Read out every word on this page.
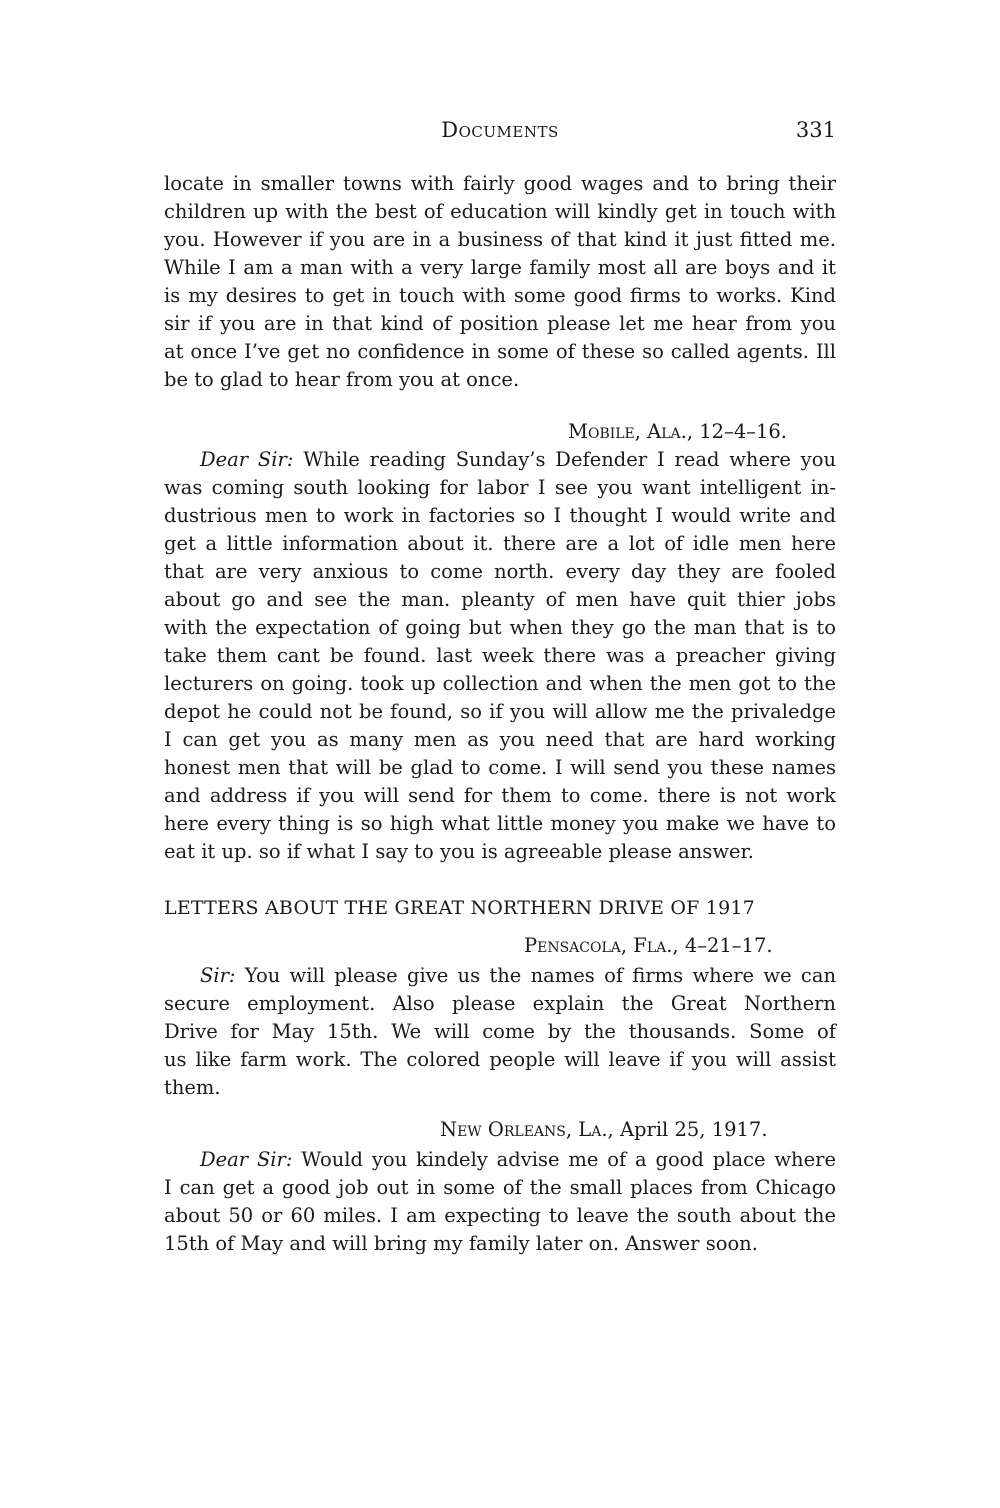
Documents	331
locate in smaller towns with fairly good wages and to bring their
children up with the best of education will kindly get in touch with
you. However if you are in a business of that kind it just fitted me.
While I am a man with a very large family most all are boys and it
is my desires to get in touch with some good firms to works. Kind
sir if you are in that kind of position please let me hear from you
at once I’ve get no confidence in some of these so called agents. Ill
be to glad to hear from you at once.
Mobile, Ala., 12–4–16.
Dear Sir: While reading Sunday’s Defender I read where you
was coming south looking for labor I see you want intelligent in-
dustrious men to work in factories so I thought I would write and
get a little information about it. there are a lot of idle men here
that are very anxious to come north. every day they are fooled
about go and see the man. pleanty of men have quit thier jobs
with the expectation of going but when they go the man that is to
take them cant be found. last week there was a preacher giving
lecturers on going. took up collection and when the men got to the
depot he could not be found, so if you will allow me the privaledge
I can get you as many men as you need that are hard working
honest men that will be glad to come. I will send you these names
and address if you will send for them to come. there is not work
here every thing is so high what little money you make we have to
eat it up. so if what I say to you is agreeable please answer.
LETTERS ABOUT THE GREAT NORTHERN DRIVE OF 1917
Pensacola, Fla., 4–21–17.
Sir: You will please give us the names of firms where we can
secure employment. Also please explain the Great Northern
Drive for May 15th. We will come by the thousands. Some of
us like farm work. The colored people will leave if you will assist
them.
New Orleans, La., April 25, 1917.
Dear Sir: Would you kindely advise me of a good place where
I can get a good job out in some of the small places from Chicago
about 50 or 60 miles. I am expecting to leave the south about the
15th of May and will bring my family later on. Answer soon.
